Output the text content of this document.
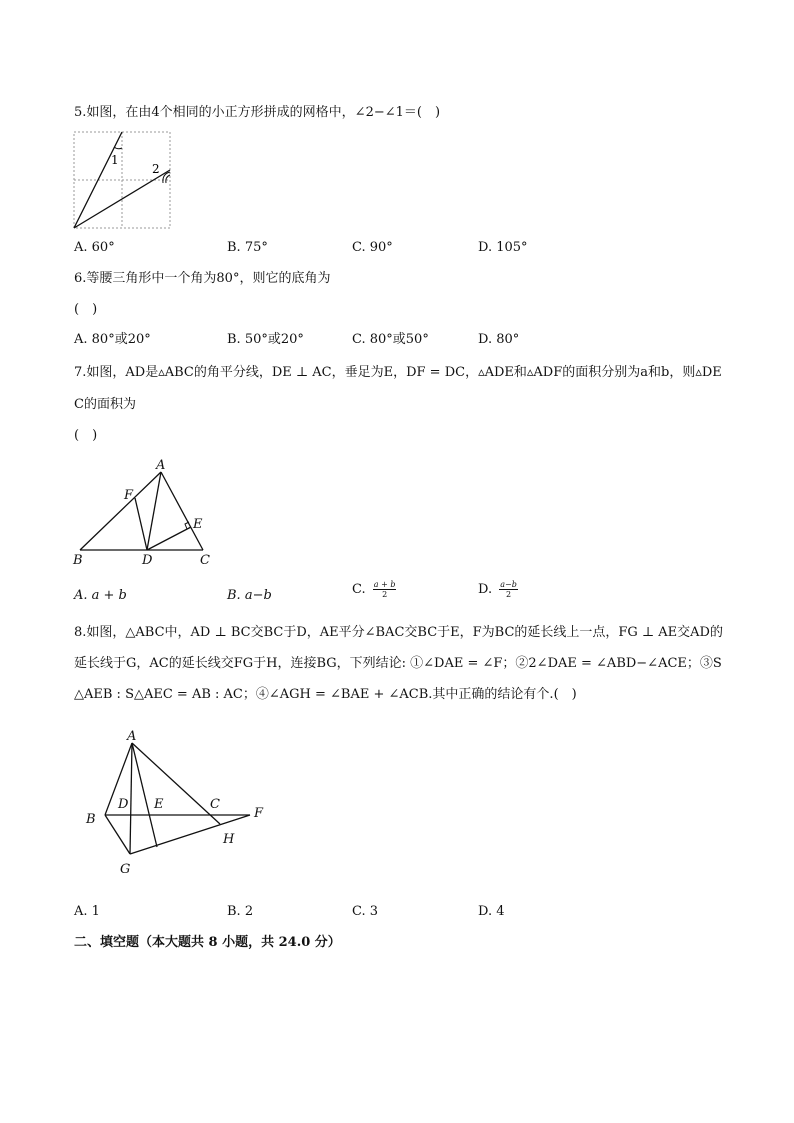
5.如图，在由4个相同的小正方形拼成的网格中，∠2−∠1＝(　)
1
2
A. 60°	B. 75°	C. 90°	D. 105°
6.等腰三角形中一个角为80°，则它的底角为
(　)
A. 80°或20°	B. 50°或20°	C. 80°或50°	D. 80°
7.如图，AD是▵ABC的角平分线，DE ⊥ AC，垂足为E，DF = DC，▵ADE和▵ADF的面积分别为a和b，则▵DE
C的面积为
(　)
A
F
E
B	D	C
A. a + b	B. a−b	C. $\frac{a + b}{2}$	D. $\frac{a-b}{2}$
8.如图，△ABC中，AD ⊥ BC交BC于D，AE平分∠BAC交BC于E，F为BC的延长线上一点，FG ⊥ AE交AD的
延长线于G，AC的延长线交FG于H，连接BG，下列结论: ①∠DAE = ∠F；②2∠DAE = ∠ABD−∠ACE；③S
△AEB : S△AEC = AB : AC；④∠AGH = ∠BAE + ∠ACB.其中正确的结论有个.(　)
A
B
D E	C
F
H
G
A. 1	B. 2	C. 3	D. 4
二、填空题（本大题共 8 小题，共 24.0 分）
